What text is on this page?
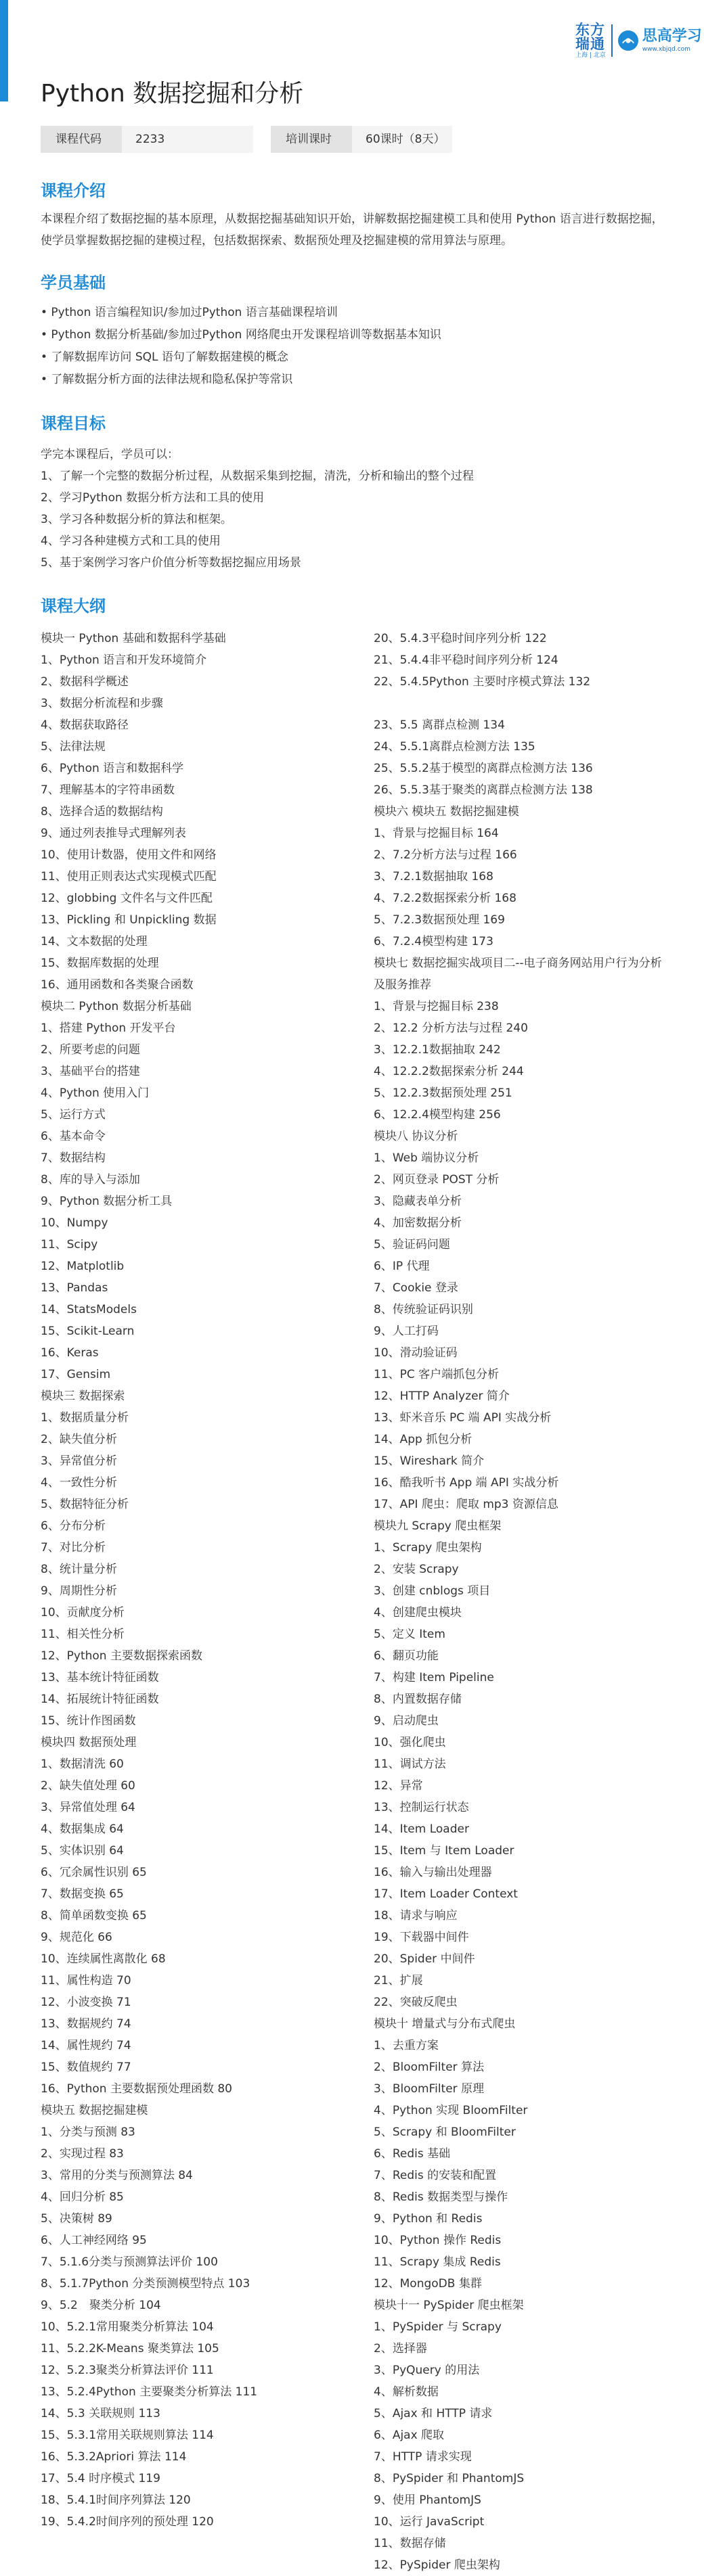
东方
瑞通
上海 | 北京
思高学习
www.xbjqd.com
Python 数据挖掘和分析
课程代码	2233	培训课时	60课时（8天）
课程介绍

本课程介绍了数据挖掘的基本原理，从数据挖掘基础知识开始，讲解数据挖掘建模工具和使用 Python 语言进行数据挖掘，使学员掌握数据挖掘的建模过程，包括数据探索、数据预处理及挖掘建模的常用算法与原理。

学员基础
• Python 语言编程知识/参加过Python 语言基础课程培训
• Python 数据分析基础/参加过Python 网络爬虫开发课程培训等数据基本知识
• 了解数据库访问 SQL 语句了解数据建模的概念
• 了解数据分析方面的法律法规和隐私保护等常识
课程目标

学完本课程后，学员可以：

1、了解一个完整的数据分析过程，从数据采集到挖掘，清洗，分析和输出的整个过程
2、学习Python 数据分析方法和工具的使用
3、学习各种数据分析的算法和框架。
4、学习各种建模方式和工具的使用
5、基于案例学习客户价值分析等数据挖掘应用场景
课程大纲
模块一 Python 基础和数据科学基础
1、Python 语言和开发环境简介
2、数据科学概述
3、数据分析流程和步骤
4、数据获取路径
5、法律法规
6、Python 语言和数据科学
7、理解基本的字符串函数
8、选择合适的数据结构
9、通过列表推导式理解列表
10、使用计数器，使用文件和网络
11、使用正则表达式实现模式匹配
12、globbing 文件名与文件匹配
13、Pickling 和 Unpickling 数据
14、文本数据的处理
15、数据库数据的处理
16、通用函数和各类聚合函数
模块二 Python 数据分析基础
1、搭建 Python 开发平台
2、所要考虑的问题
3、基础平台的搭建
4、Python 使用入门
5、运行方式
6、基本命令
7、数据结构
8、库的导入与添加
9、Python 数据分析工具
10、Numpy
11、Scipy
12、Matplotlib
13、Pandas
14、StatsModels
15、Scikit-Learn
16、Keras
17、Gensim
模块三 数据探索
1、数据质量分析
2、缺失值分析
3、异常值分析
4、一致性分析
5、数据特征分析
6、分布分析
7、对比分析
8、统计量分析
9、周期性分析
10、贡献度分析
11、相关性分析
12、Python 主要数据探索函数
13、基本统计特征函数
14、拓展统计特征函数
15、统计作图函数
模块四 数据预处理
1、数据清洗 60
2、缺失值处理 60
3、异常值处理 64
4、数据集成 64
5、实体识别 64
6、冗余属性识别 65
7、数据变换 65
8、简单函数变换 65
9、规范化 66
10、连续属性离散化 68
11、属性构造 70
12、小波变换 71
13、数据规约 74
14、属性规约 74
15、数值规约 77
16、Python 主要数据预处理函数 80
模块五 数据挖掘建模
1、分类与预测 83
2、实现过程 83
3、常用的分类与预测算法 84
4、回归分析 85
5、决策树 89
6、人工神经网络 95
7、5.1.6分类与预测算法评价 100
8、5.1.7Python 分类预测模型特点 103
9、5.2　聚类分析 104
10、5.2.1常用聚类分析算法 104
11、5.2.2K-Means 聚类算法 105
12、5.2.3聚类分析算法评价 111
13、5.2.4Python 主要聚类分析算法 111
14、5.3 关联规则 113
15、5.3.1常用关联规则算法 114
16、5.3.2Apriori 算法 114
17、5.4 时序模式 119
18、5.4.1时间序列算法 120
19、5.4.2时间序列的预处理 120
20、5.4.3平稳时间序列分析 122
21、5.4.4非平稳时间序列分析 124
22、5.4.5Python 主要时序模式算法 132
23、5.5 离群点检测 134
24、5.5.1离群点检测方法 135
25、5.5.2基于模型的离群点检测方法 136
26、5.5.3基于聚类的离群点检测方法 138
模块六 模块五 数据挖掘建模
1、背景与挖掘目标 164
2、7.2分析方法与过程 166
3、7.2.1数据抽取 168
4、7.2.2数据探索分析 168
5、7.2.3数据预处理 169
6、7.2.4模型构建 173
模块七 数据挖掘实战项目二--电子商务网站用户行为分析及服务推荐
1、背景与挖掘目标 238
2、12.2 分析方法与过程 240
3、12.2.1数据抽取 242
4、12.2.2数据探索分析 244
5、12.2.3数据预处理 251
6、12.2.4模型构建 256
模块八 协议分析
1、Web 端协议分析
2、网页登录 POST 分析
3、隐藏表单分析
4、加密数据分析
5、验证码问题
6、IP 代理
7、Cookie 登录
8、传统验证码识别
9、人工打码
10、滑动验证码
11、PC 客户端抓包分析
12、HTTP Analyzer 简介
13、虾米音乐 PC 端 API 实战分析
14、App 抓包分析
15、Wireshark 简介
16、酷我听书 App 端 API 实战分析
17、API 爬虫：爬取 mp3 资源信息
模块九 Scrapy 爬虫框架
1、Scrapy 爬虫架构
2、安装 Scrapy
3、创建 cnblogs 项目
4、创建爬虫模块
5、定义 Item
6、翻页功能
7、构建 Item Pipeline
8、内置数据存储
9、启动爬虫
10、强化爬虫
11、调试方法
12、异常
13、控制运行状态
14、Item Loader
15、Item 与 Item Loader
16、输入与输出处理器
17、Item Loader Context
18、请求与响应
19、下载器中间件
20、Spider 中间件
21、扩展
22、突破反爬虫
模块十 增量式与分布式爬虫
1、去重方案
2、BloomFilter 算法
3、BloomFilter 原理
4、Python 实现 BloomFilter
5、Scrapy 和 BloomFilter
6、Redis 基础
7、Redis 的安装和配置
8、Redis 数据类型与操作
9、Python 和 Redis
10、Python 操作 Redis
11、Scrapy 集成 Redis
12、MongoDB 集群
模块十一 PySpider 爬虫框架
1、PySpider 与 Scrapy
2、选择器
3、PyQuery 的用法
4、解析数据
5、Ajax 和 HTTP 请求
6、Ajax 爬取
7、HTTP 请求实现
8、PySpider 和 PhantomJS
9、使用 PhantomJS
10、运行 JavaScript
11、数据存储
12、PySpider 爬虫架构
